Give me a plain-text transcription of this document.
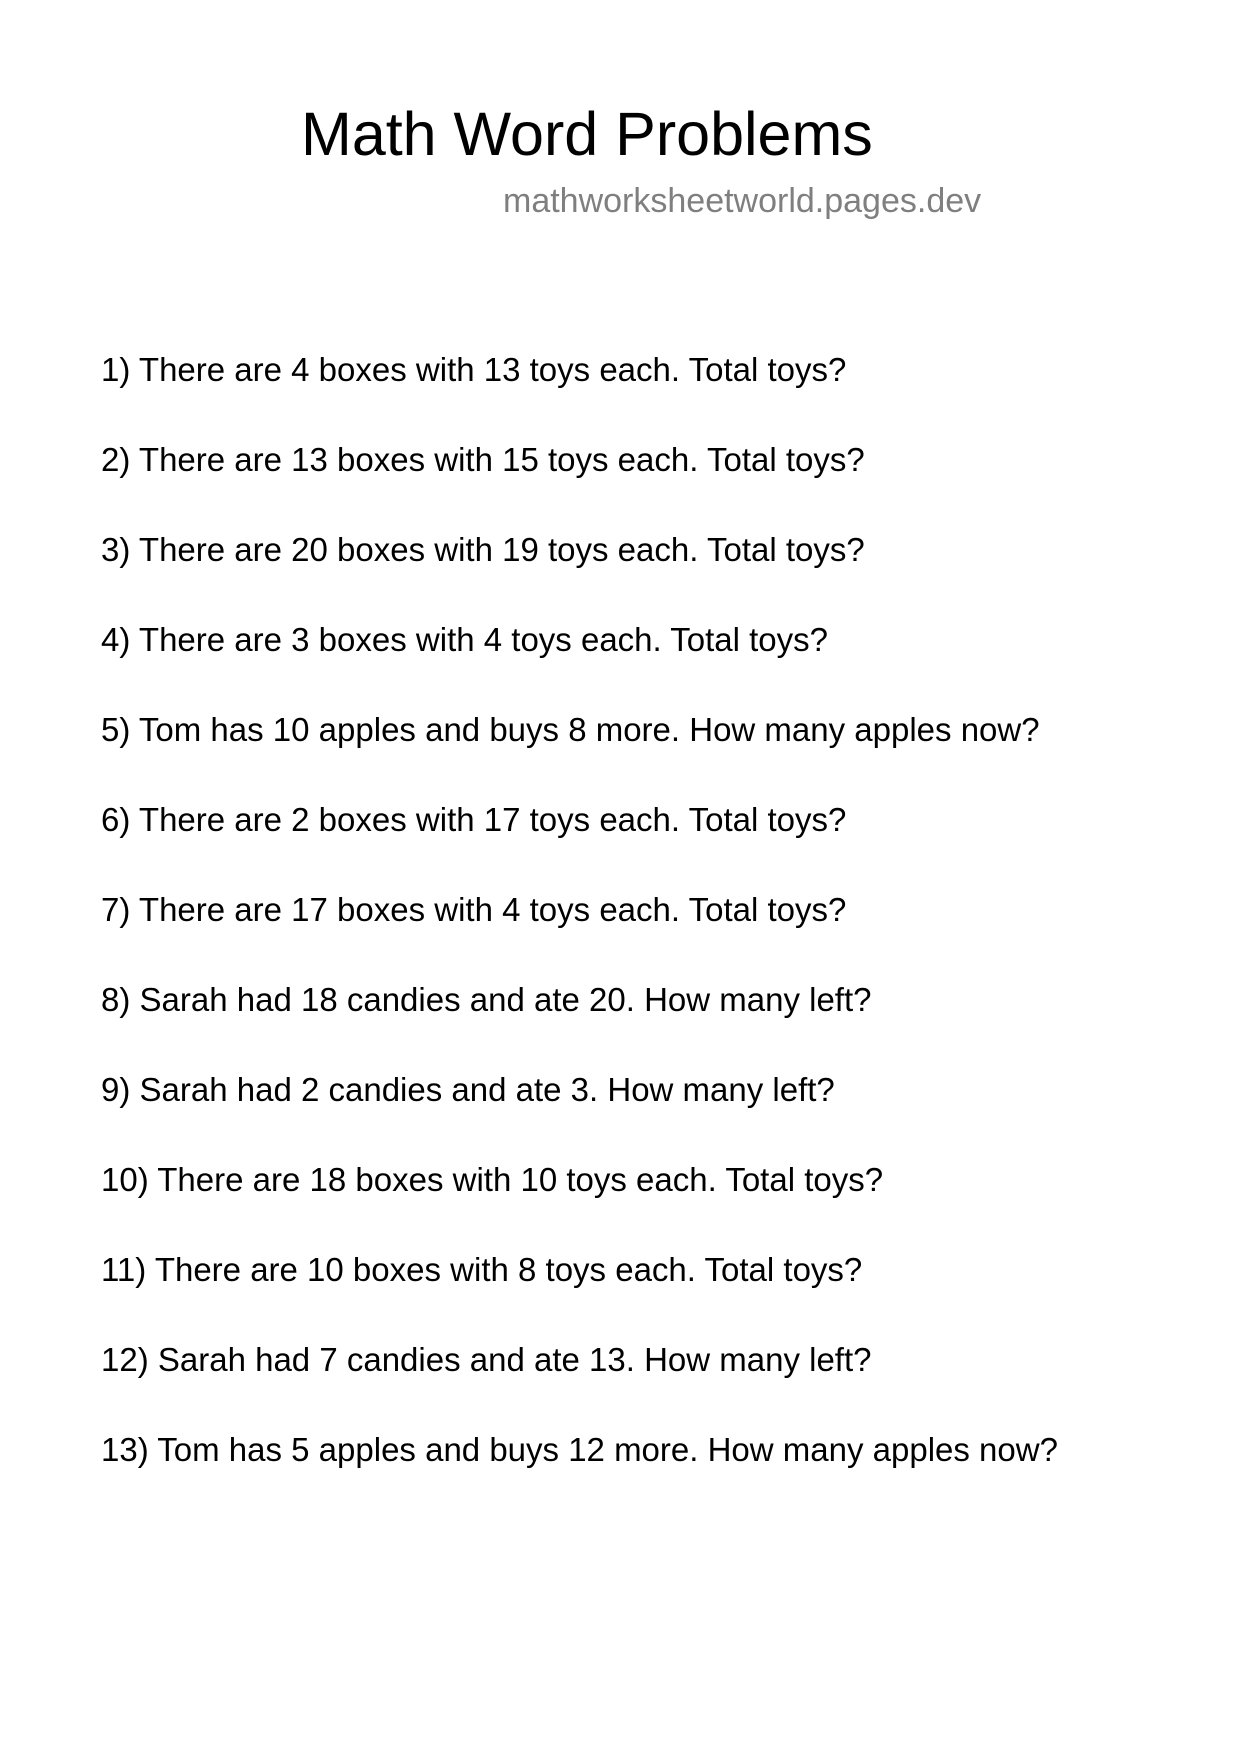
Math Word Problems
mathworksheetworld.pages.dev
1) There are 4 boxes with 13 toys each. Total toys?
2) There are 13 boxes with 15 toys each. Total toys?
3) There are 20 boxes with 19 toys each. Total toys?
4) There are 3 boxes with 4 toys each. Total toys?
5) Tom has 10 apples and buys 8 more. How many apples now?
6) There are 2 boxes with 17 toys each. Total toys?
7) There are 17 boxes with 4 toys each. Total toys?
8) Sarah had 18 candies and ate 20. How many left?
9) Sarah had 2 candies and ate 3. How many left?
10) There are 18 boxes with 10 toys each. Total toys?
11) There are 10 boxes with 8 toys each. Total toys?
12) Sarah had 7 candies and ate 13. How many left?
13) Tom has 5 apples and buys 12 more. How many apples now?
